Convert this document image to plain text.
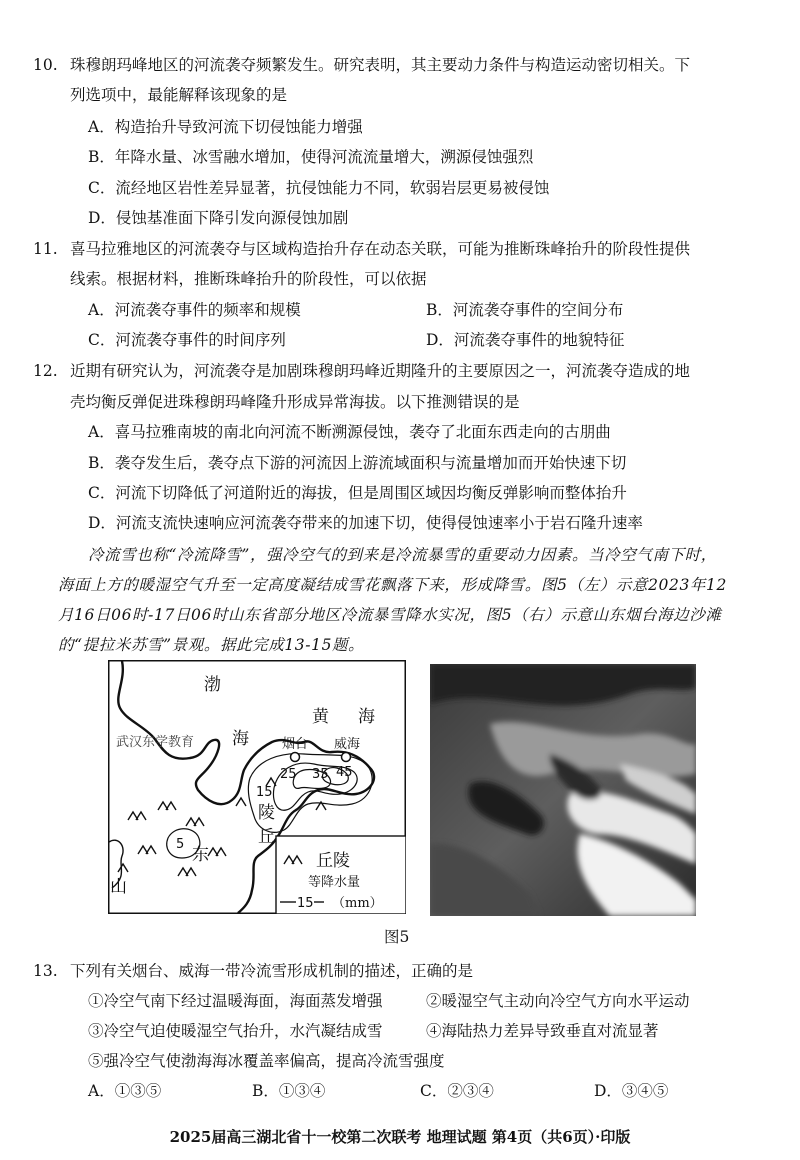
10. 珠穆朗玛峰地区的河流袭夺频繁发生。研究表明，其主要动力条件与构造运动密切相关。下
列选项中，最能解释该现象的是
A．构造抬升导致河流下切侵蚀能力增强
B．年降水量、冰雪融水增加，使得河流流量增大，溯源侵蚀强烈
C．流经地区岩性差异显著，抗侵蚀能力不同，软弱岩层更易被侵蚀
D．侵蚀基准面下降引发向源侵蚀加剧
11. 喜马拉雅地区的河流袭夺与区域构造抬升存在动态关联，可能为推断珠峰抬升的阶段性提供
线索。根据材料，推断珠峰抬升的阶段性，可以依据
A．河流袭夺事件的频率和规模	B．河流袭夺事件的空间分布
C．河流袭夺事件的时间序列	D．河流袭夺事件的地貌特征
12. 近期有研究认为，河流袭夺是加剧珠穆朗玛峰近期隆升的主要原因之一，河流袭夺造成的地
壳均衡反弹促进珠穆朗玛峰隆升形成异常海拔。以下推测错误的是
A．喜马拉雅南坡的南北向河流不断溯源侵蚀，袭夺了北面东西走向的古朋曲
B．袭夺发生后，袭夺点下游的河流因上游流域面积与流量增加而开始快速下切
C．河流下切降低了河道附近的海拔，但是周围区域因均衡反弹影响而整体抬升
D．河流支流快速响应河流袭夺带来的加速下切，使得侵蚀速率小于岩石隆升速率
冷流雪也称“冷流降雪”，强冷空气的到来是冷流暴雪的重要动力因素。当冷空气南下时，
海面上方的暖湿空气升至一定高度凝结成雪花飘落下来，形成降雪。图5（左）示意2023年12
月16日06时-17日06时山东省部分地区冷流暴雪降水实况，图5（右）示意山东烟台海边沙滩
的“提拉米苏雪”景观。据此完成13-15题。
渤
海
黄 海
陵
丘
东
山
丘陵
武汉东学教育	烟台 威海
等降水量
（mm）
25 35 45
15
5
15
图5
13. 下列有关烟台、威海一带冷流雪形成机制的描述，正确的是
①冷空气南下经过温暖海面，海面蒸发增强	②暖湿空气主动向冷空气方向水平运动
③冷空气迫使暖湿空气抬升，水汽凝结成雪	④海陆热力差异导致垂直对流显著
⑤强冷空气使渤海海冰覆盖率偏高，提高冷流雪强度
A．①③⑤	B．①③④	C．②③④	D．③④⑤
2025届高三湖北省十一校第二次联考 地理试题 第4页（共6页）·印版
